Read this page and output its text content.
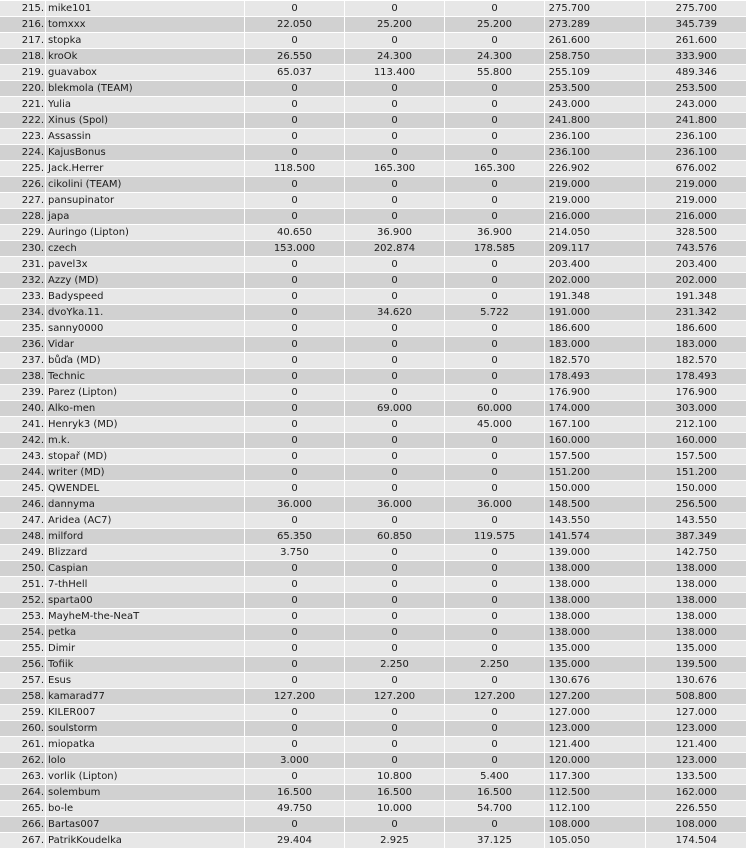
215. mike101	0	0	0	275.700	275.700
216. tomxxx	22.050	25.200	25.200	273.289	345.739
217. stopka	0	0	0	261.600	261.600
218. kroOk	26.550	24.300	24.300	258.750	333.900
219. guavabox	65.037	113.400	55.800	255.109	489.346
220. blekmola (TEAM)	0	0	0	253.500	253.500
221. Yulia	0	0	0	243.000	243.000
222. Xinus (Spol)	0	0	0	241.800	241.800
223. Assassin	0	0	0	236.100	236.100
224. KajusBonus	0	0	0	236.100	236.100
225. Jack.Herrer	118.500	165.300	165.300	226.902	676.002
226. cikolini (TEAM)	0	0	0	219.000	219.000
227. pansupinator	0	0	0	219.000	219.000
228. japa	0	0	0	216.000	216.000
229. Auringo (Lipton)	40.650	36.900	36.900	214.050	328.500
230. czech	153.000	202.874	178.585	209.117	743.576
231. pavel3x	0	0	0	203.400	203.400
232. Azzy (MD)	0	0	0	202.000	202.000
233. Badyspeed	0	0	0	191.348	191.348
234. dvoYka.11.	0	34.620	5.722	191.000	231.342
235. sanny0000	0	0	0	186.600	186.600
236. Vidar	0	0	0	183.000	183.000
237. bůďa (MD)	0	0	0	182.570	182.570
238. Technic	0	0	0	178.493	178.493
239. Parez (Lipton)	0	0	0	176.900	176.900
240. Alko-men	0	69.000	60.000	174.000	303.000
241. Henryk3 (MD)	0	0	45.000	167.100	212.100
242. m.k.	0	0	0	160.000	160.000
243. stopař (MD)	0	0	0	157.500	157.500
244. writer (MD)	0	0	0	151.200	151.200
245. QWENDEL	0	0	0	150.000	150.000
246. dannyma	36.000	36.000	36.000	148.500	256.500
247. Aridea (AC7)	0	0	0	143.550	143.550
248. milford	65.350	60.850	119.575	141.574	387.349
249. Blizzard	3.750	0	0	139.000	142.750
250. Caspian	0	0	0	138.000	138.000
251. 7-thHell	0	0	0	138.000	138.000
252. sparta00	0	0	0	138.000	138.000
253. MayheM-the-NeaT	0	0	0	138.000	138.000
254. petka	0	0	0	138.000	138.000
255. Dimir	0	0	0	135.000	135.000
256. Tofiik	0	2.250	2.250	135.000	139.500
257. Esus	0	0	0	130.676	130.676
258. kamarad77	127.200	127.200	127.200	127.200	508.800
259. KILER007	0	0	0	127.000	127.000
260. soulstorm	0	0	0	123.000	123.000
261. miopatka	0	0	0	121.400	121.400
262. lolo	3.000	0	0	120.000	123.000
263. vorlik (Lipton)	0	10.800	5.400	117.300	133.500
264. solembum	16.500	16.500	16.500	112.500	162.000
265. bo-le	49.750	10.000	54.700	112.100	226.550
266. Bartas007	0	0	0	108.000	108.000
267. PatrikKoudelka	29.404	2.925	37.125	105.050	174.504
